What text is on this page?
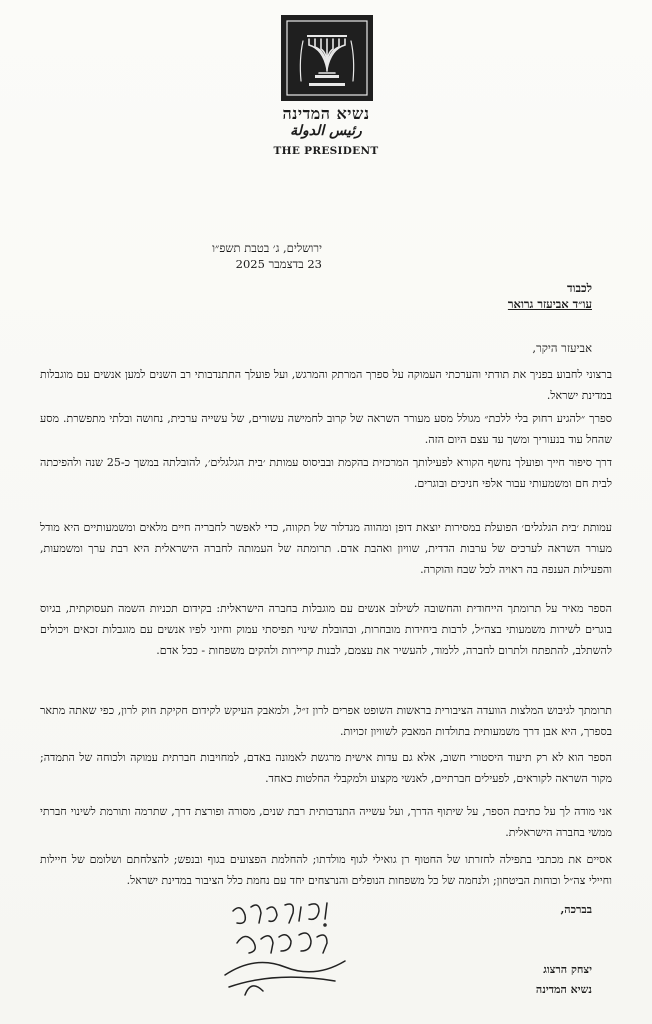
נשיא המדינה
رئيس الدولة
THE PRESIDENT
ירושלים, ג׳ בטבת תשפ״ו
23 בדצמבר 2025
לכבוד
עו״ד אביעזר גרואר
אביעזר היקר,
ברצוני לחבוע בפניך את תודתי והערכתי העמוקה על ספרך המרתק והמרגש, ועל פועלך התתנדבותי רב השנים למען אנשים עם מוגבלות במדינת ישראל.
ספרך ״להגיע רחוק בלי ללכת״ מגולל מסע מעורר השראה של קרוב לחמישה עשורים, של עשייה ערכית, נחושה ובלתי מתפשרת. מסע שהחל עוד בנעוריך ומשך עד עצם היום הזה.
דרך סיפור חייך ופועלך נחשף הקורא לפעילותך המרכזית בהקמת ובביסוס עמותת ׳בית הגלגלים׳, להובלתה במשך כ-25 שנה ולהפיכתה לבית חם ומשמעותי עבור אלפי חניכים ובוגרים.
עמותת ׳בית הגלגלים׳ הפועלת במסירות יוצאת דופן ומהווה מגדלור של תקווה, כדי לאפשר לחבריה חיים מלאים ומשמעותיים היא מודל מעורר השראה לערכים של ערבות הדדית, שוויון ואהבת אדם. תרומתה של העמותה לחברה הישראלית היא רבת ערך ומשמעות, והפעילות הענפה בה ראויה לכל שבח והוקרה.
הספר מאיר על תרומתך הייחודית והחשובה לשילוב אנשים עם מוגבלות בחברה הישראלית: בקידום תכניות השמה תעסוקתית, בגיוס בוגרים לשירות משמעותי בצה״ל, לרבות ביחידות מובחרות, ובהובלת שינוי תפיסתי עמוק וחיוני לפיו אנשים עם מוגבלות זכאים ויכולים להשתלב, להתפתח ולתרום לחברה, ללמוד, להעשיר את עצמם, לבנות קריירות ולהקים משפחות - ככל אדם.
תרומתך לגיבוש המלצות הוועדה הציבורית בראשות השופט אפרים לרון ז״ל, ולמאבק העיקש לקידום חקיקת חוק לרון, כפי שאתה מתאר בספרך, היא אבן דרך משמעותית בתולדות המאבק לשוויון זכויות.
הספר הוא לא רק תיעוד היסטורי חשוב, אלא גם עדות אישית מרגשת לאמונה באדם, למחויבות חברתית עמוקה ולכוחה של התמדה; מקור השראה לקוראים, לפעילים חברתיים, לאנשי מקצוע ולמקבלי החלטות כאחד.
אני מודה לך על כתיבת הספר, על שיתוף הדרך, ועל עשייה התנדבותית רבת שנים, מסורה ופורצת דרך, שתרמה ותורמת לשינוי חברתי ממשי בחברה הישראלית.
אסיים את מכתבי בתפילה לחזרתו של החטוף רן גואילי לגוף מולדתו; להחלמת הפצועים בגוף ובנפש; להצלחתם ושלומם של חיילות וחיילי צה״ל וכוחות הביטחון; ולנחמה של כל משפחות הנופלים והנרצחים יחד עם נחמת כלל הציבור במדינת ישראל.
בברכה,
יצחק הרצוג
נשיא המדינה
